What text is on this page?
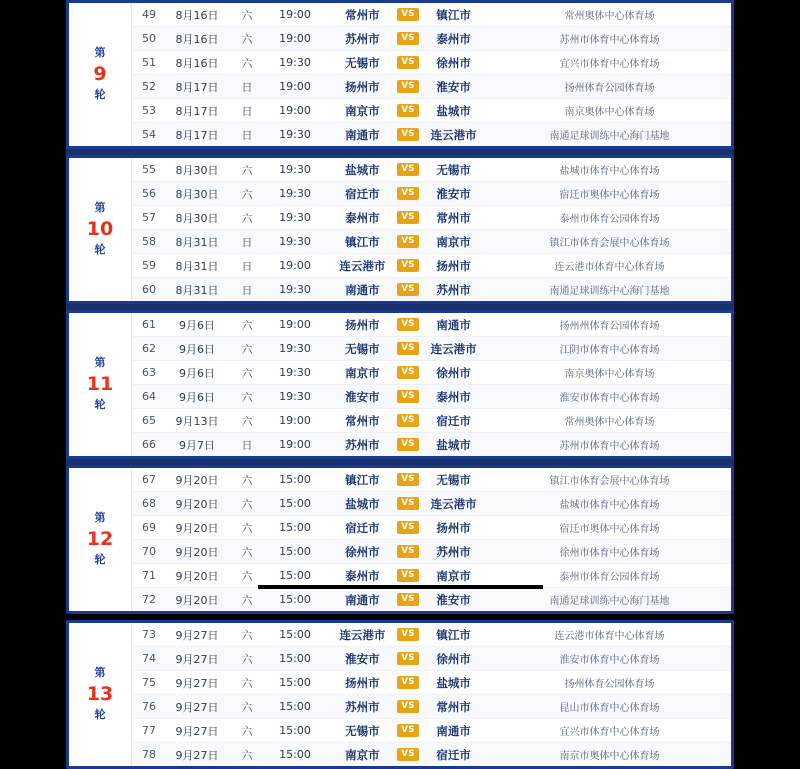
第
9
轮
49	8月16日	六	19:00	常州市	VS	镇江市	常州奥体中心体育场
50	8月16日	六	19:00	苏州市	VS	泰州市	苏州市体育中心体育场
51	8月16日	六	19:30	无锡市	VS	徐州市	宜兴市体育中心体育场
52	8月17日	日	19:00	扬州市	VS	淮安市	扬州体育公园体育场
53	8月17日	日	19:00	南京市	VS	盐城市	南京奥体中心体育场
54	8月17日	日	19:30	南通市	VS	连云港市	南通足球训练中心海门基地
第
10
轮
55	8月30日	六	19:30	盐城市	VS	无锡市	盐城市体育中心体育场
56	8月30日	六	19:30	宿迁市	VS	淮安市	宿迁市奥体中心体育场
57	8月30日	六	19:30	泰州市	VS	常州市	泰州市体育公园体育场
58	8月31日	日	19:30	镇江市	VS	南京市	镇江市体育会展中心体育场
59	8月31日	日	19:00	连云港市	VS	扬州市	连云港市体育中心体育场
60	8月31日	日	19:30	南通市	VS	苏州市	南通足球训练中心海门基地
第
11
轮
61	9月6日	六	19:00	扬州市	VS	南通市	扬州州体育公园体育场
62	9月6日	六	19:30	无锡市	VS	连云港市	江阴市体育中心体育场
63	9月6日	六	19:30	南京市	VS	徐州市	南京奥体中心体育场
64	9月6日	六	19:30	淮安市	VS	泰州市	淮安市体育中心体育场
65	9月13日	六	19:00	常州市	VS	宿迁市	常州奥体中心体育场
66	9月7日	日	19:00	苏州市	VS	盐城市	苏州市体育中心体育场
第
12
轮
67	9月20日	六	15:00	镇江市	VS	无锡市	镇江市体育会展中心体育场
68	9月20日	六	15:00	盐城市	VS	连云港市	盐城市体育中心体育场
69	9月20日	六	15:00	宿迁市	VS	扬州市	宿迁市奥体中心体育场
70	9月20日	六	15:00	徐州市	VS	苏州市	徐州市体育中心体育场
71	9月20日	六	15:00	泰州市	VS	南京市	泰州市体育公园体育场
72	9月20日	六	15:00	南通市	VS	淮安市	南通足球训练中心海门基地
第
13
轮
73	9月27日	六	15:00	连云港市	VS	镇江市	连云港市体育中心体育场
74	9月27日	六	15:00	淮安市	VS	徐州市	淮安市体育中心体育场
75	9月27日	六	15:00	扬州市	VS	盐城市	扬州体育公园体育场
76	9月27日	六	15:00	苏州市	VS	常州市	昆山市体育中心体育场
77	9月27日	六	15:00	无锡市	VS	南通市	宜兴市体育中心体育场
78	9月27日	六	15:00	南京市	VS	宿迁市	南京市奥体中心体育场
